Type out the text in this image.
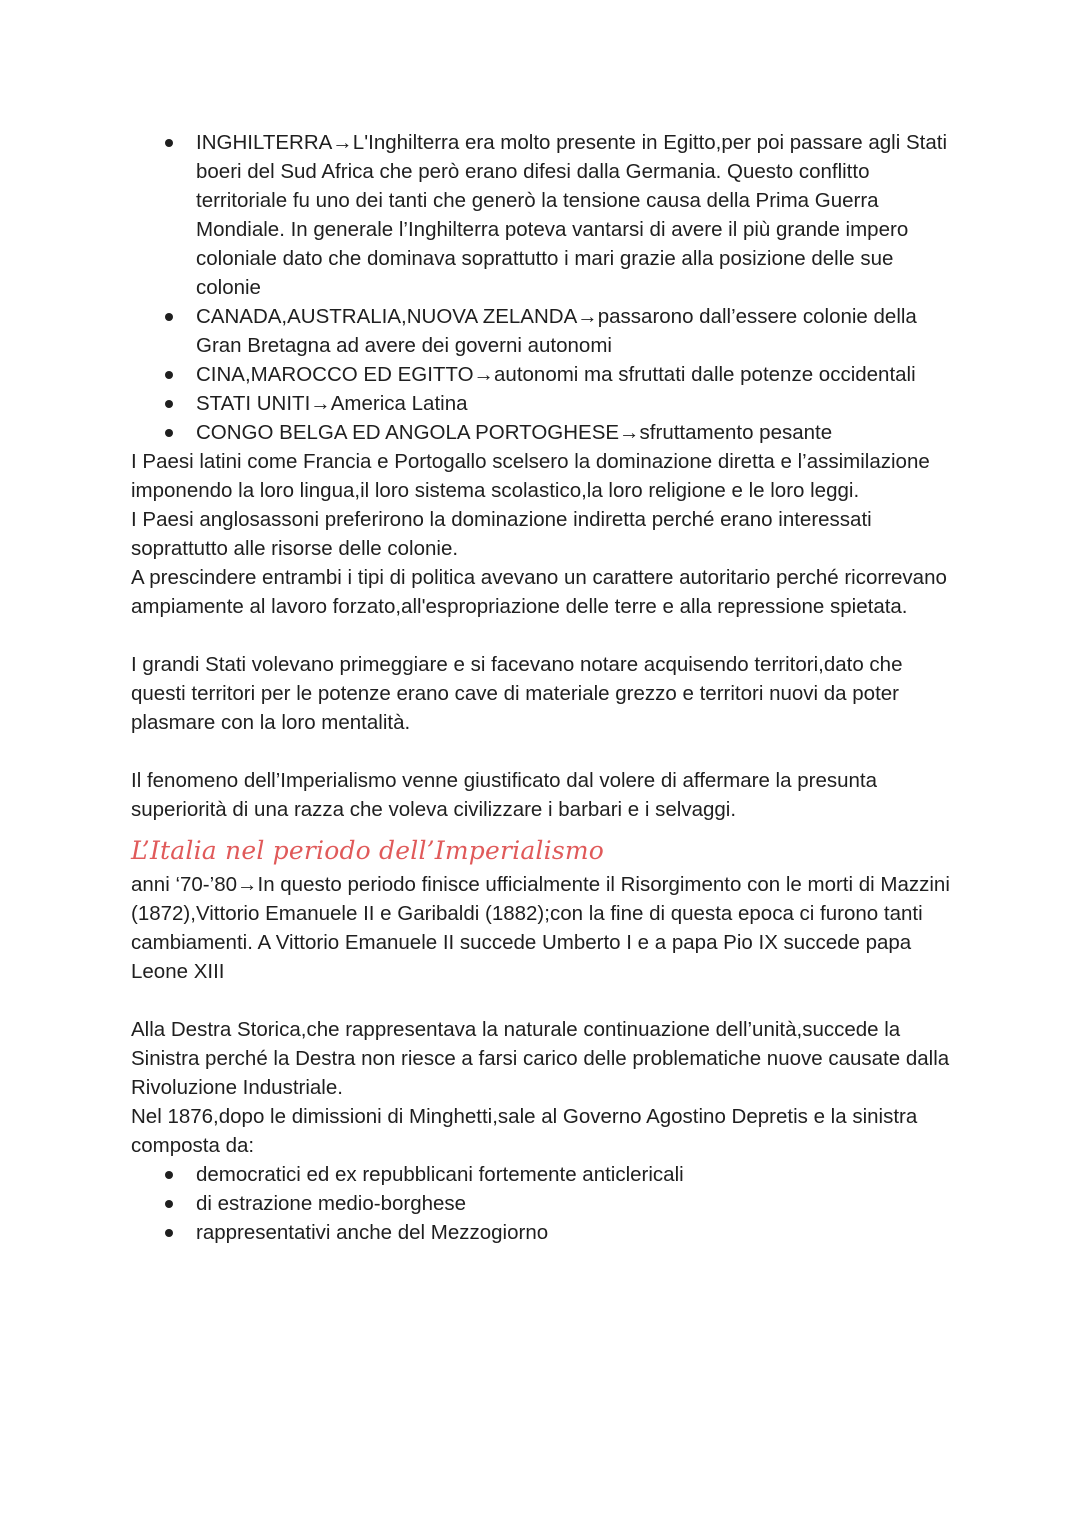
INGHILTERRA→L'Inghilterra era molto presente in Egitto,per poi passare agli Stati boeri del Sud Africa che però erano difesi dalla Germania. Questo conflitto territoriale fu uno dei tanti che generò la tensione causa della Prima Guerra Mondiale. In generale l’Inghilterra poteva vantarsi di avere il più grande impero coloniale dato che dominava soprattutto i mari grazie alla posizione delle sue colonie
CANADA,AUSTRALIA,NUOVA ZELANDA→passarono dall’essere colonie della Gran Bretagna ad avere dei governi autonomi
CINA,MAROCCO ED EGITTO→autonomi ma sfruttati dalle potenze occidentali
STATI UNITI→America Latina
CONGO BELGA ED ANGOLA PORTOGHESE→sfruttamento pesante

I Paesi latini come Francia e Portogallo scelsero la dominazione diretta e l’assimilazione imponendo la loro lingua,il loro sistema scolastico,la loro religione e le loro leggi.

I Paesi anglosassoni preferirono la dominazione indiretta perché erano interessati soprattutto alle risorse delle colonie.

A prescindere entrambi i tipi di politica avevano un carattere autoritario perché ricorrevano ampiamente al lavoro forzato,all'espropriazione delle terre e alla repressione spietata.

I grandi Stati volevano primeggiare e si facevano notare acquisendo territori,dato che questi territori per le potenze erano cave di materiale grezzo e territori nuovi da poter plasmare con la loro mentalità.

Il fenomeno dell’Imperialismo venne giustificato dal volere di affermare la presunta superiorità di una razza che voleva civilizzare i barbari e i selvaggi.

L’Italia nel periodo dell’Imperialismo

anni ‘70-’80→In questo periodo finisce ufficialmente il Risorgimento con le morti di Mazzini (1872),Vittorio Emanuele II e Garibaldi (1882);con la fine di questa epoca ci furono tanti cambiamenti. A Vittorio Emanuele II succede Umberto I e a papa Pio IX succede papa Leone XIII

Alla Destra Storica,che rappresentava la naturale continuazione dell’unità,succede la Sinistra perché la Destra non riesce a farsi carico delle problematiche nuove causate dalla Rivoluzione Industriale.

Nel 1876,dopo le dimissioni di Minghetti,sale al Governo Agostino Depretis e la sinistra composta da:

democratici ed ex repubblicani fortemente anticlericali
di estrazione medio-borghese
rappresentativi anche del Mezzogiorno
